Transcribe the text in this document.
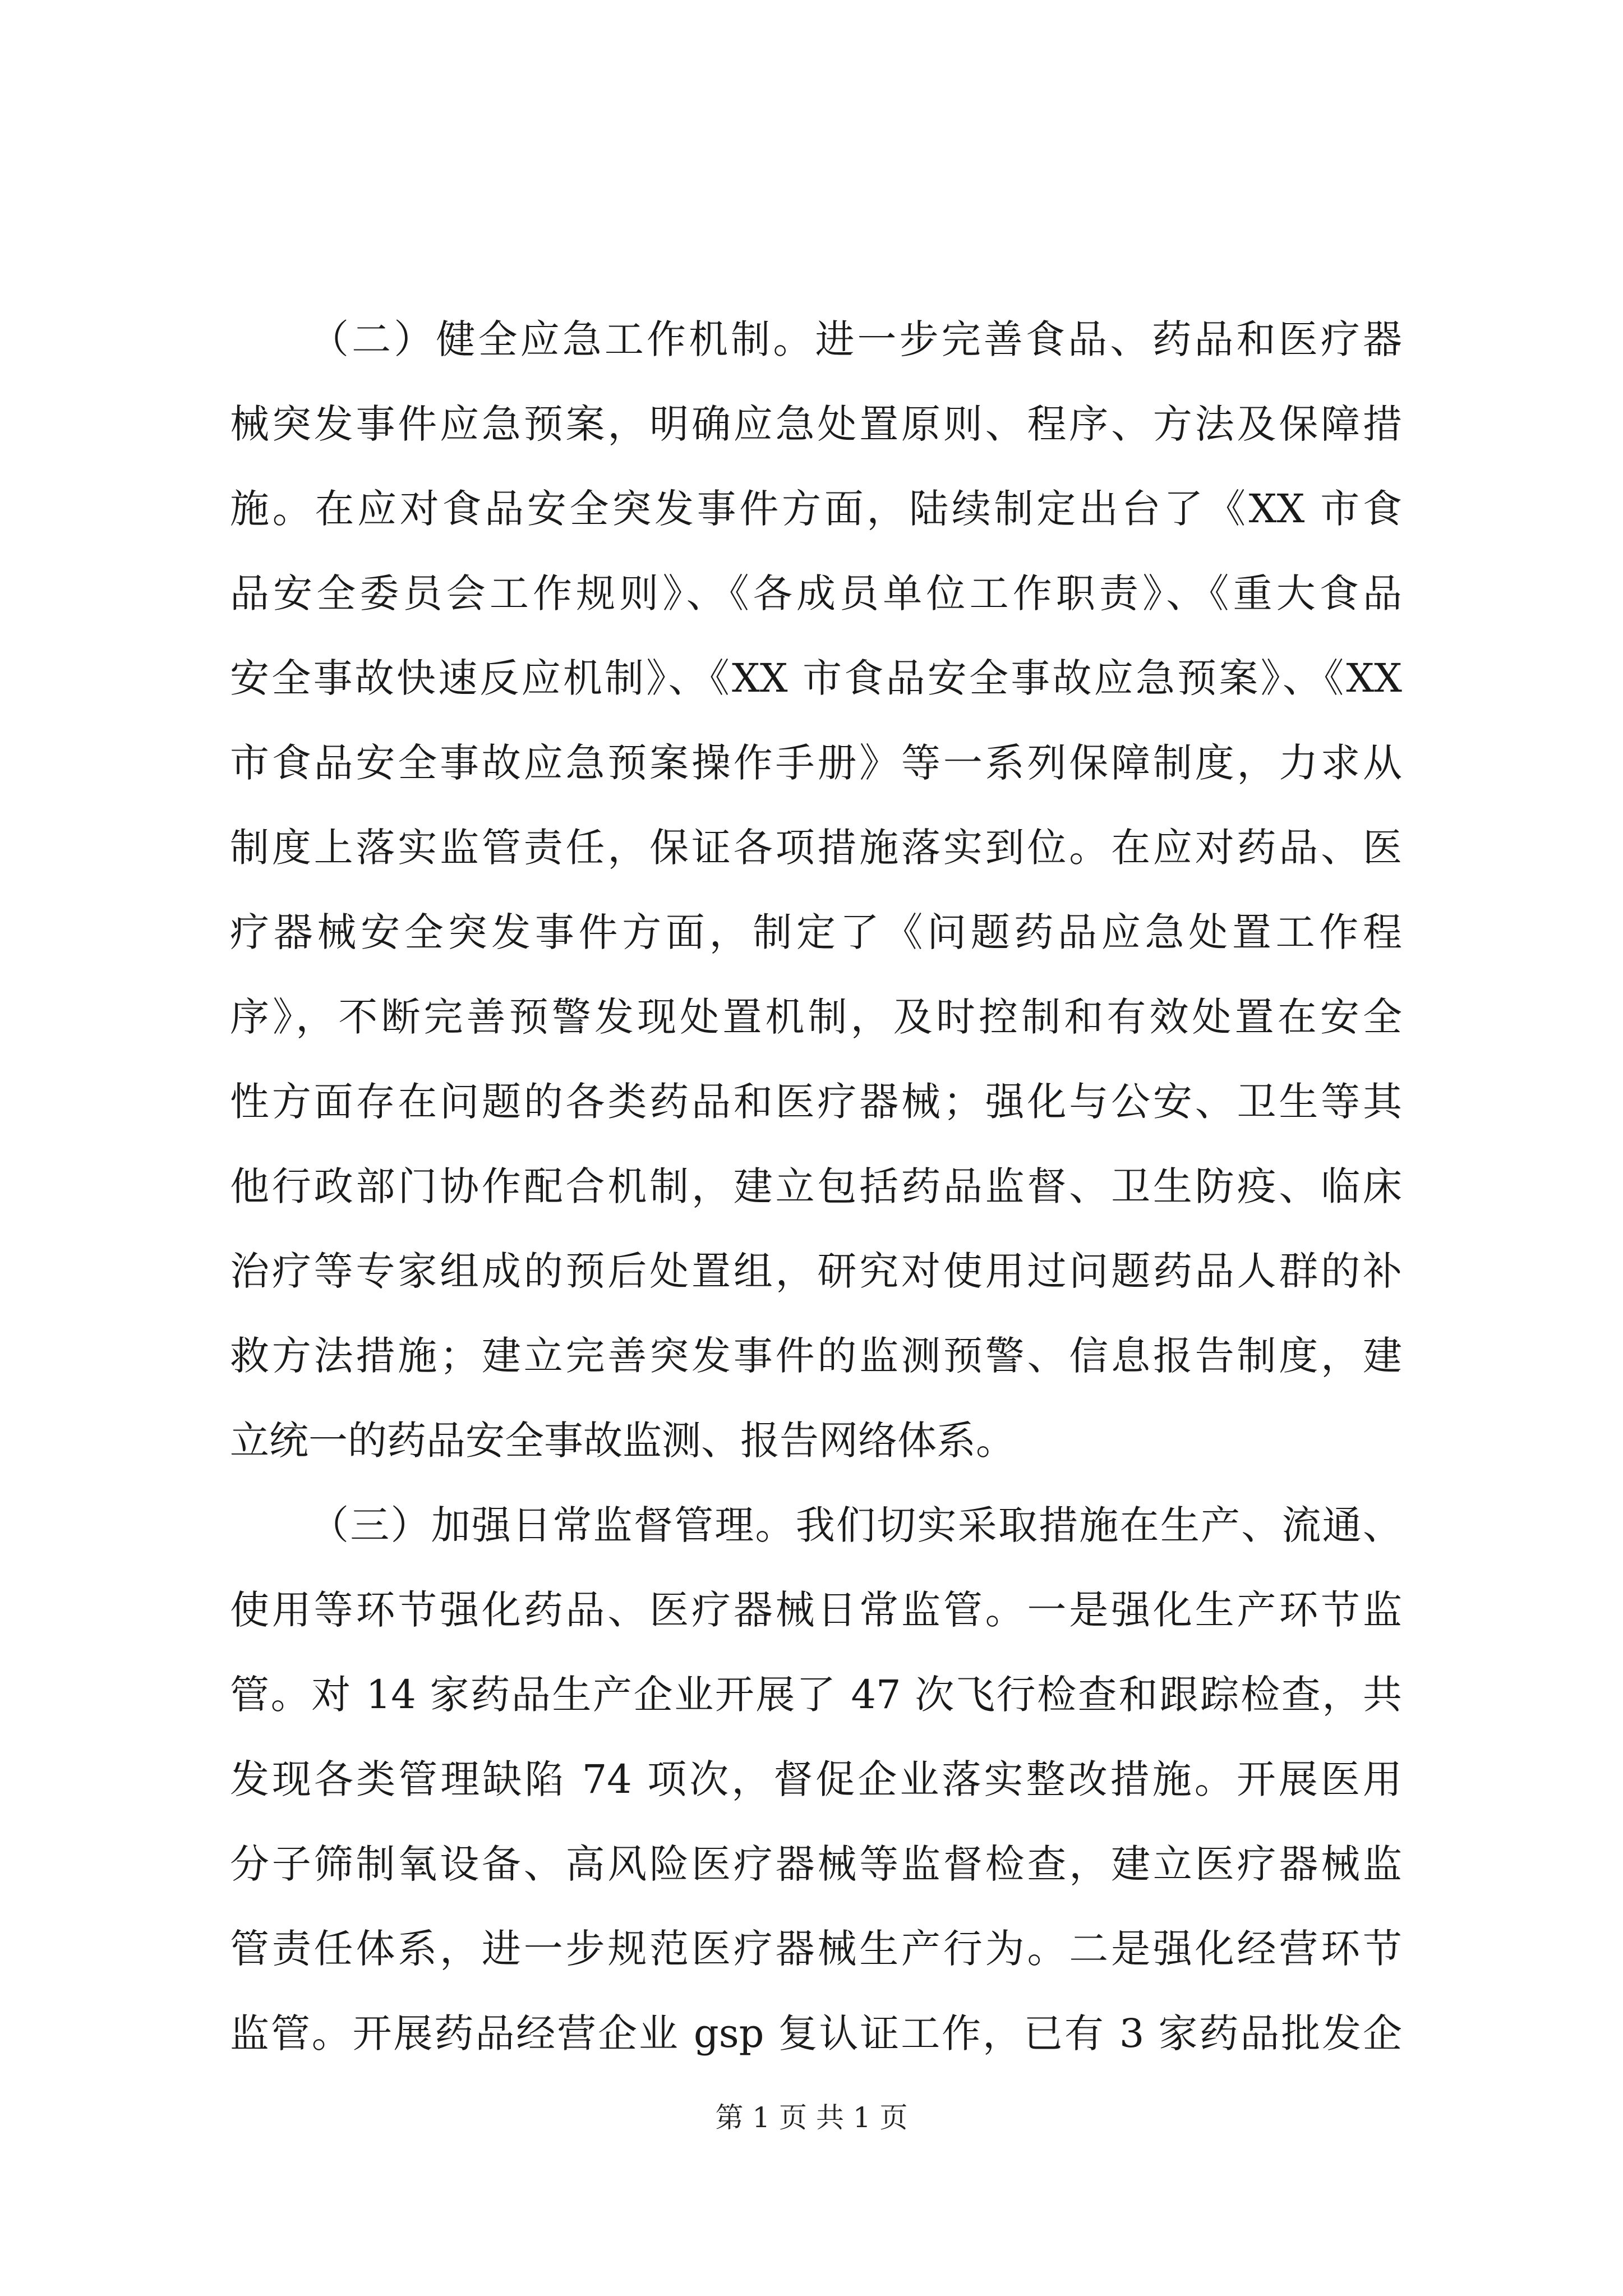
（二）健全应急工作机制。进一步完善食品、药品和医疗器
械突发事件应急预案，明确应急处置原则、程序、方法及保障措
施。在应对食品安全突发事件方面，陆续制定出台了《XX 市食
品安全委员会工作规则》、《各成员单位工作职责》、《重大食品
安全事故快速反应机制》、《XX 市食品安全事故应急预案》、《XX
市食品安全事故应急预案操作手册》等一系列保障制度，力求从
制度上落实监管责任，保证各项措施落实到位。在应对药品、医
疗器械安全突发事件方面，制定了《问题药品应急处置工作程
序》，不断完善预警发现处置机制，及时控制和有效处置在安全
性方面存在问题的各类药品和医疗器械；强化与公安、卫生等其
他行政部门协作配合机制，建立包括药品监督、卫生防疫、临床
治疗等专家组成的预后处置组，研究对使用过问题药品人群的补
救方法措施；建立完善突发事件的监测预警、信息报告制度，建
立统一的药品安全事故监测、报告网络体系。
（三）加强日常监督管理。我们切实采取措施在生产、流通、
使用等环节强化药品、医疗器械日常监管。一是强化生产环节监
管。对 14 家药品生产企业开展了 47 次飞行检查和跟踪检查，共
发现各类管理缺陷 74 项次，督促企业落实整改措施。开展医用
分子筛制氧设备、高风险医疗器械等监督检查，建立医疗器械监
管责任体系，进一步规范医疗器械生产行为。二是强化经营环节
监管。开展药品经营企业 gsp 复认证工作，已有 3 家药品批发企
第 1 页 共 1 页
